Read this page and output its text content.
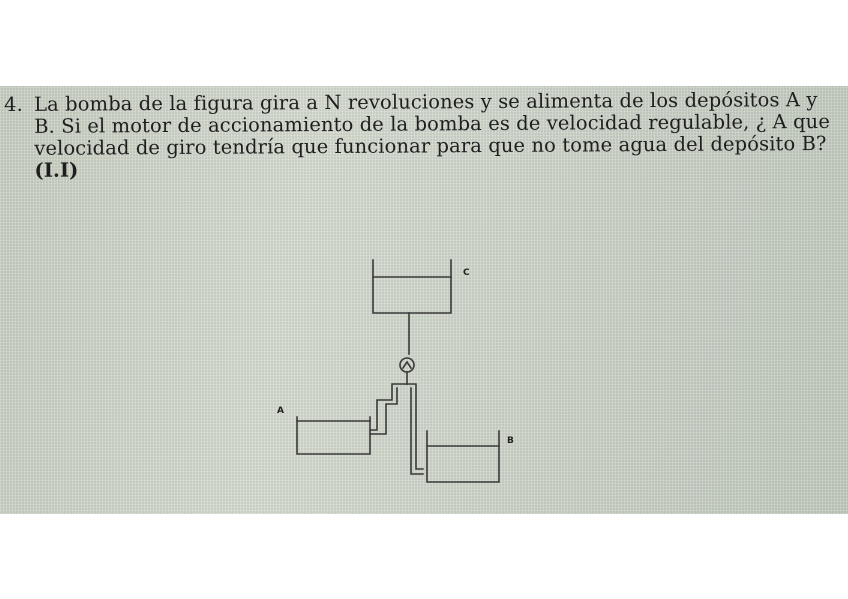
4. La bomba de la figura gira a N revoluciones y se alimenta de los depósitos A y
B. Si el motor de accionamiento de la bomba es de velocidad regulable, ¿ A que
velocidad de giro tendría que funcionar para que no tome agua del depósito B?
(I.I)
C
A
B
